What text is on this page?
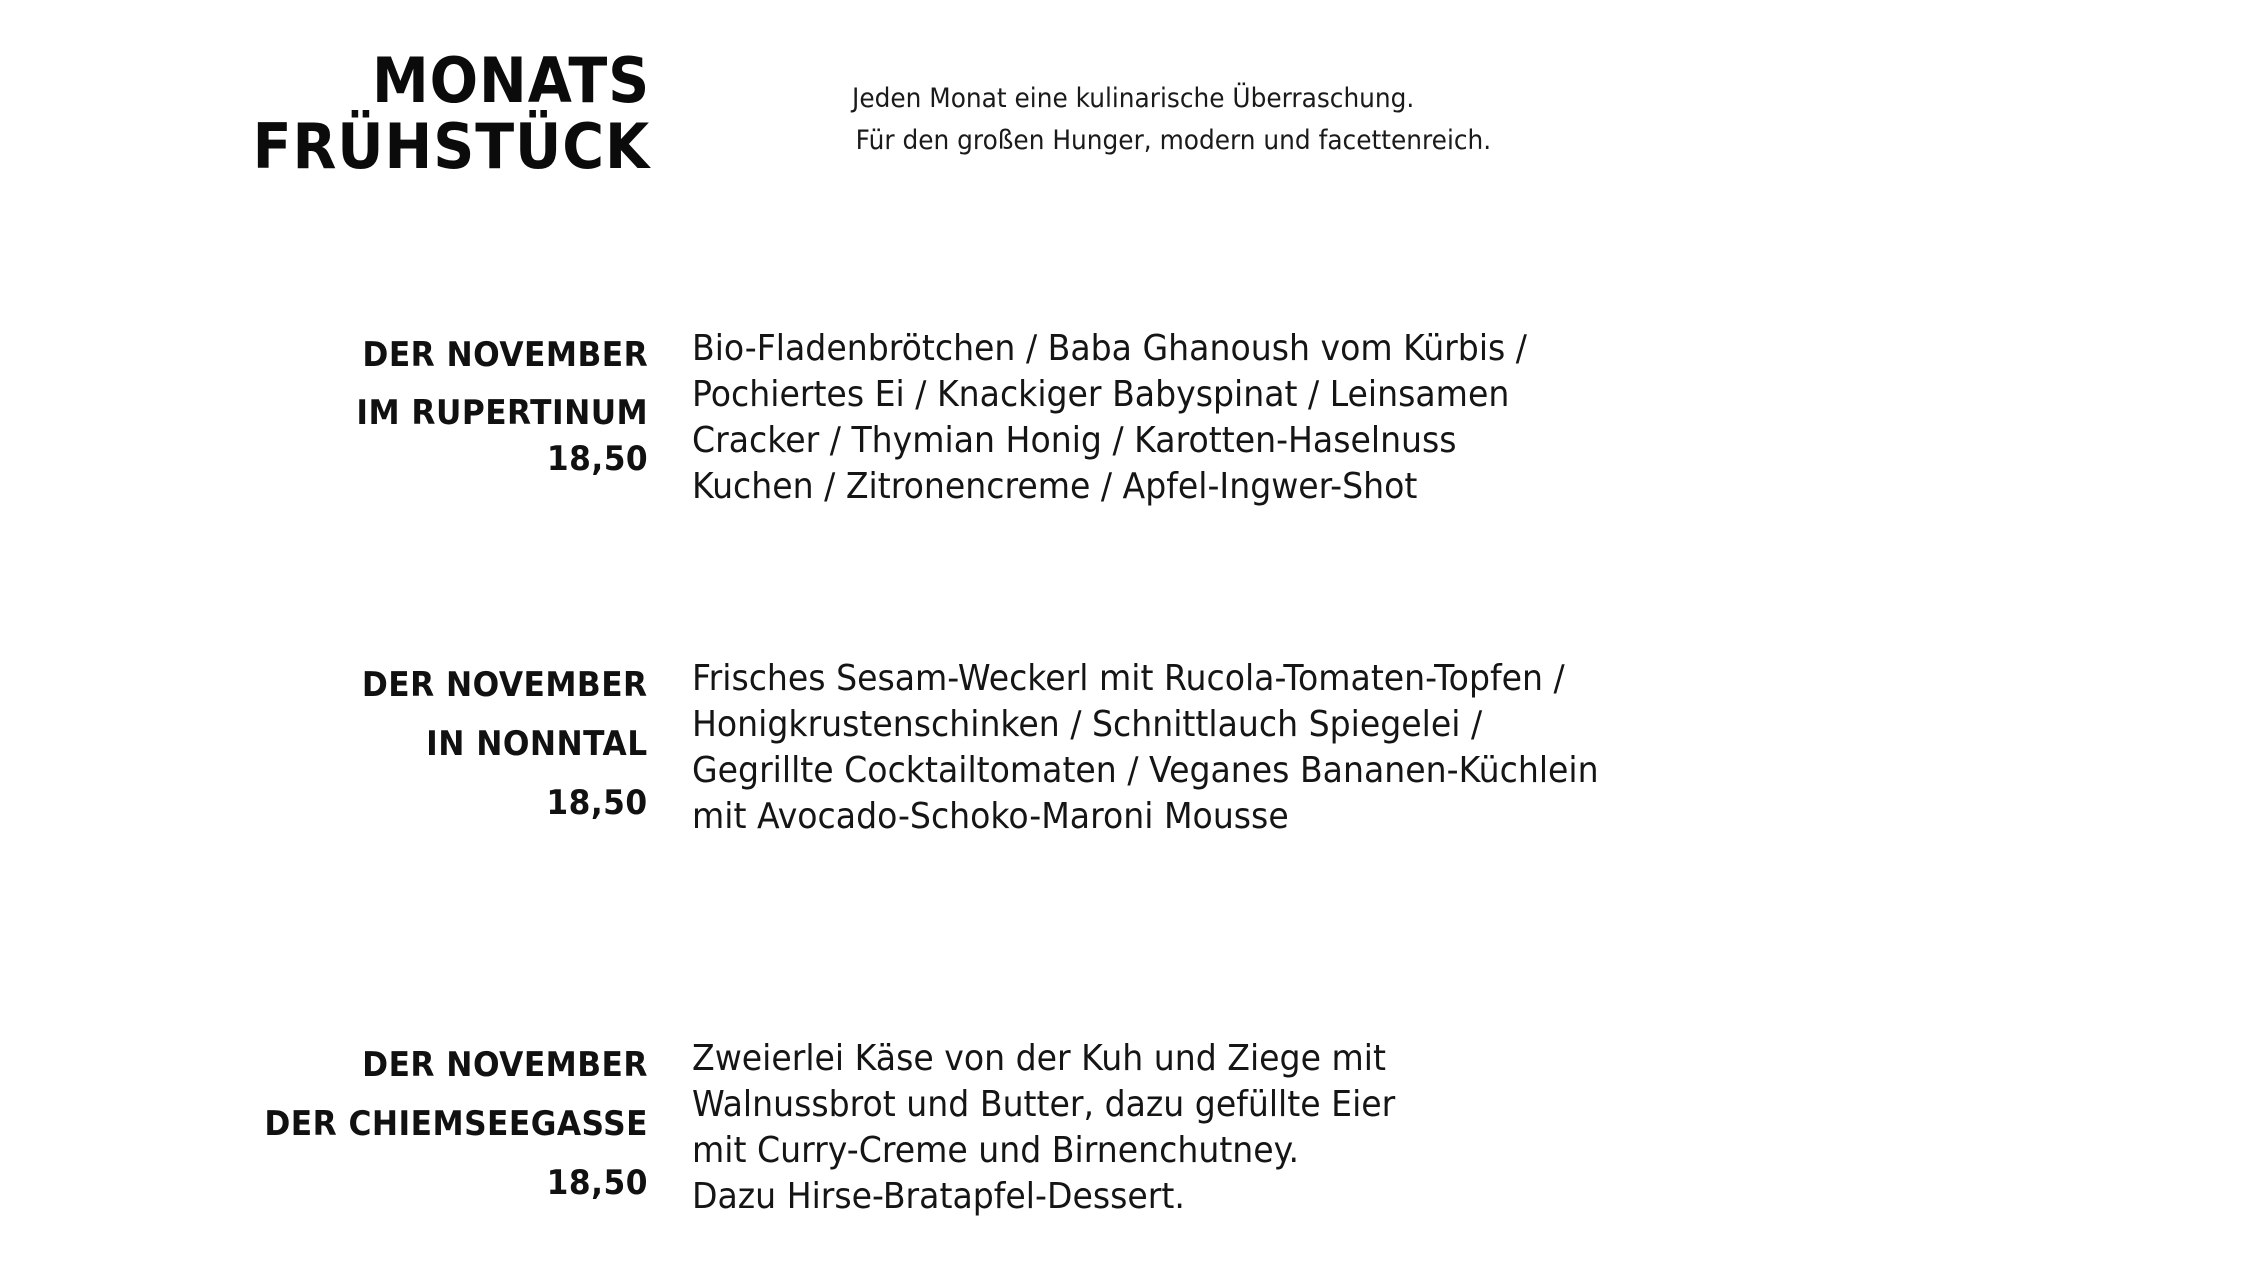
MONATS
FRÜHSTÜCK
Jeden Monat eine kulinarische Überraschung.
Für den großen Hunger, modern und facettenreich.
DER NOVEMBER
IM RUPERTINUM
18,50
Bio-Fladenbrötchen / Baba Ghanoush vom Kürbis /
Pochiertes Ei / Knackiger Babyspinat / Leinsamen
Cracker / Thymian Honig / Karotten-Haselnuss
Kuchen / Zitronencreme / Apfel-Ingwer-Shot
DER NOVEMBER
IN NONNTAL
18,50
Frisches Sesam-Weckerl mit Rucola-Tomaten-Topfen /
Honigkrustenschinken / Schnittlauch Spiegelei /
Gegrillte Cocktailtomaten / Veganes Bananen-Küchlein
mit Avocado-Schoko-Maroni Mousse
DER NOVEMBER
DER CHIEMSEEGASSE
18,50
Zweierlei Käse von der Kuh und Ziege mit
Walnussbrot und Butter, dazu gefüllte Eier
mit Curry-Creme und Birnenchutney.
Dazu Hirse-Bratapfel-Dessert.
